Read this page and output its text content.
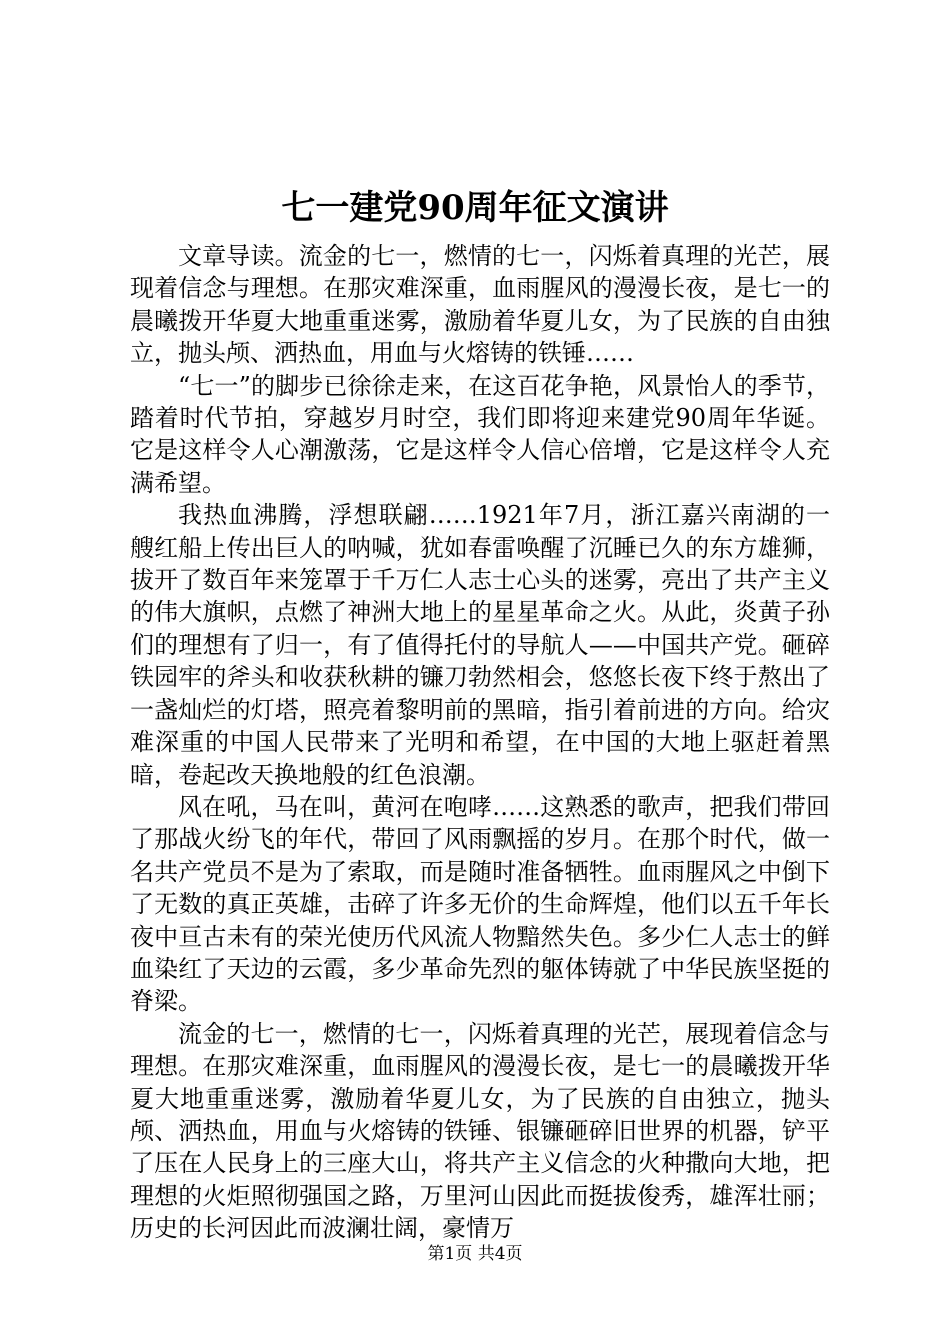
七一建党90周年征文演讲

文章导读。流金的七一，燃情的七一，闪烁着真理的光芒，展现着信念与理想。在那灾难深重，血雨腥风的漫漫长夜，是七一的晨曦拨开华夏大地重重迷雾，激励着华夏儿女，为了民族的自由独立，抛头颅、洒热血，用血与火熔铸的铁锤……

“七一”的脚步已徐徐走来，在这百花争艳，风景怡人的季节，踏着时代节拍，穿越岁月时空，我们即将迎来建党90周年华诞。它是这样令人心潮激荡，它是这样令人信心倍增，它是这样令人充满希望。

我热血沸腾，浮想联翩……1921年7月，浙江嘉兴南湖的一艘红船上传出巨人的呐喊，犹如春雷唤醒了沉睡已久的东方雄狮，拔开了数百年来笼罩于千万仁人志士心头的迷雾，亮出了共产主义的伟大旗帜，点燃了神洲大地上的星星革命之火。从此，炎黄子孙们的理想有了归一，有了值得托付的导航人——中国共产党。砸碎铁园牢的斧头和收获秋耕的镰刀勃然相会，悠悠长夜下终于熬出了一盏灿烂的灯塔，照亮着黎明前的黑暗，指引着前进的方向。给灾难深重的中国人民带来了光明和希望，在中国的大地上驱赶着黑暗，卷起改天换地般的红色浪潮。

风在吼，马在叫，黄河在咆哮……这熟悉的歌声，把我们带回了那战火纷飞的年代，带回了风雨飘摇的岁月。在那个时代，做一名共产党员不是为了索取，而是随时准备牺牲。血雨腥风之中倒下了无数的真正英雄，击碎了许多无价的生命辉煌，他们以五千年长夜中亘古未有的荣光使历代风流人物黯然失色。多少仁人志士的鲜血染红了天边的云霞，多少革命先烈的躯体铸就了中华民族坚挺的脊梁。

流金的七一，燃情的七一，闪烁着真理的光芒，展现着信念与理想。在那灾难深重，血雨腥风的漫漫长夜，是七一的晨曦拨开华夏大地重重迷雾，激励着华夏儿女，为了民族的自由独立，抛头颅、洒热血，用血与火熔铸的铁锤、银镰砸碎旧世界的机器，铲平了压在人民身上的三座大山，将共产主义信念的火种撒向大地，把理想的火炬照彻强国之路，万里河山因此而挺拔俊秀，雄浑壮丽；历史的长河因此而波澜壮阔，豪情万

第1页 共4页
